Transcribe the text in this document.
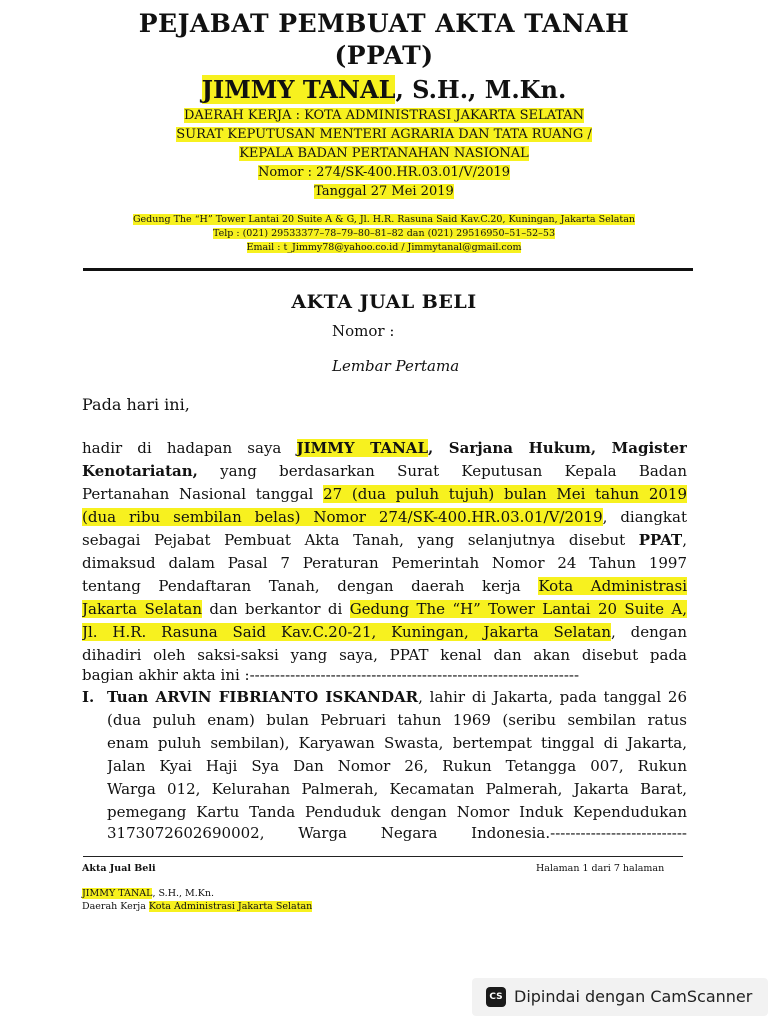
PEJABAT PEMBUAT AKTA TANAH
(PPAT)
JIMMY TANAL, S.H., M.Kn.
DAERAH KERJA : KOTA ADMINISTRASI JAKARTA SELATAN
SURAT KEPUTUSAN MENTERI AGRARIA DAN TATA RUANG /
KEPALA BADAN PERTANAHAN NASIONAL
Nomor : 274/SK-400.HR.03.01/V/2019
Tanggal 27 Mei 2019
Gedung The “H” Tower Lantai 20 Suite A & G, Jl. H.R. Rasuna Said Kav.C.20, Kuningan, Jakarta Selatan
Telp : (021) 29533377–78–79–80–81–82 dan (021) 29516950–51–52–53
Email : t_Jimmy78@yahoo.co.id / Jimmytanal@gmail.com
AKTA JUAL BELI
Nomor :
Lembar Pertama
Pada hari ini,
hadir di hadapan saya JIMMY TANAL, Sarjana Hukum, Magister
Kenotariatan, yang berdasarkan Surat Keputusan Kepala Badan
Pertanahan Nasional tanggal 27 (dua puluh tujuh) bulan Mei tahun 2019
(dua ribu sembilan belas) Nomor 274/SK-400.HR.03.01/V/2019, diangkat
sebagai Pejabat Pembuat Akta Tanah, yang selanjutnya disebut PPAT,
dimaksud dalam Pasal 7 Peraturan Pemerintah Nomor 24 Tahun 1997
tentang Pendaftaran Tanah, dengan daerah kerja Kota Administrasi
Jakarta Selatan dan berkantor di Gedung The “H” Tower Lantai 20 Suite A,
Jl. H.R. Rasuna Said Kav.C.20-21, Kuningan, Jakarta Selatan, dengan
dihadiri oleh saksi-saksi yang saya, PPAT kenal dan akan disebut pada
bagian akhir akta ini :-----------------------------------------------------------------
I. Tuan ARVIN FIBRIANTO ISKANDAR, lahir di Jakarta, pada tanggal 26
(dua puluh enam) bulan Pebruari tahun 1969 (seribu sembilan ratus
enam puluh sembilan), Karyawan Swasta, bertempat tinggal di Jakarta,
Jalan Kyai Haji Sya Dan Nomor 26, Rukun Tetangga 007, Rukun
Warga 012, Kelurahan Palmerah, Kecamatan Palmerah, Jakarta Barat,
pemegang Kartu Tanda Penduduk dengan Nomor Induk Kependudukan
3173072602690002, Warga Negara Indonesia.---------------------------
Akta Jual Beli	Halaman 1 dari 7 halaman
JIMMY TANAL, S.H., M.Kn.
Daerah Kerja Kota Administrasi Jakarta Selatan
CS Dipindai dengan CamScanner
